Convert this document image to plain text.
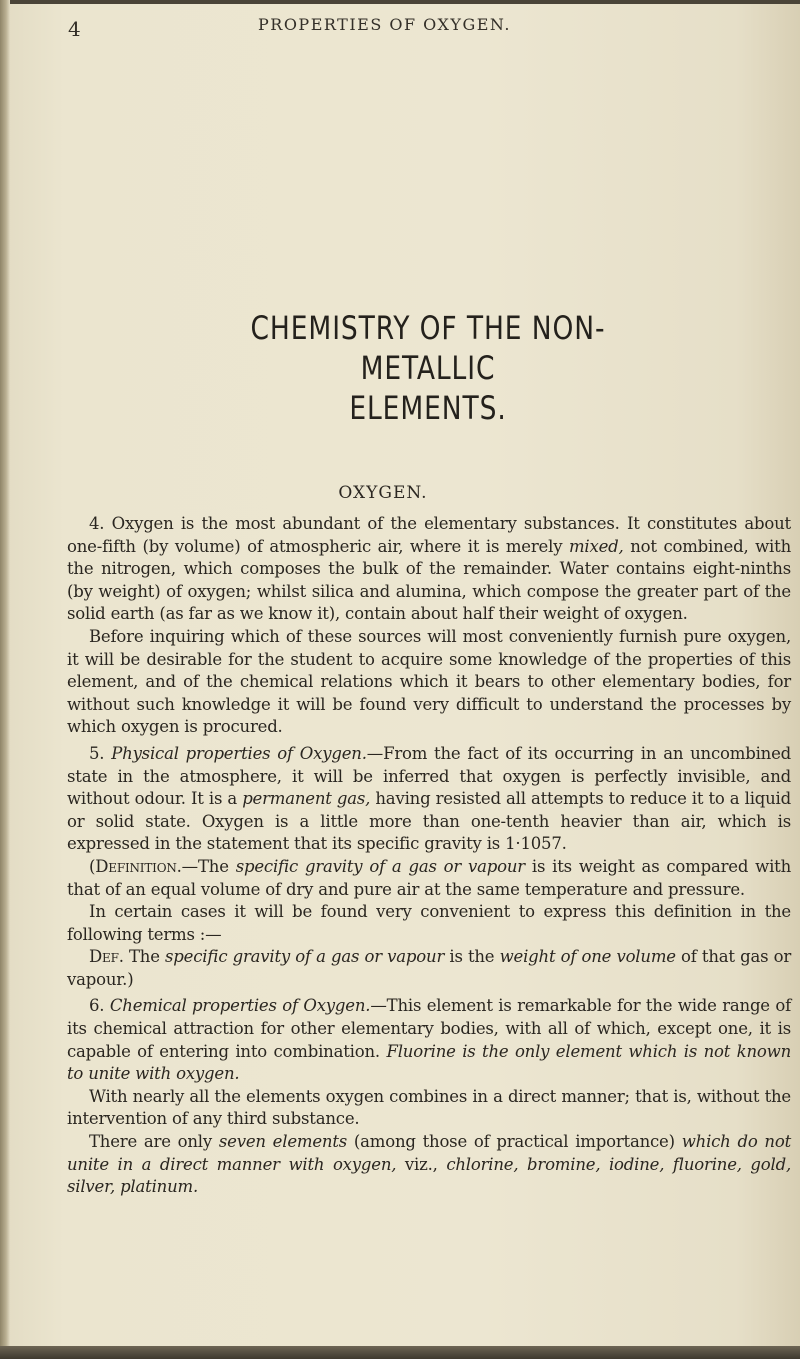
4	PROPERTIES OF OXYGEN.
CHEMISTRY OF THE NON-METALLIC
ELEMENTS.
OXYGEN.

4. Oxygen is the most abundant of the elementary substances. It constitutes about one-fifth (by volume) of atmospheric air, where it is merely mixed, not combined, with the nitrogen, which composes the bulk of the remainder. Water contains eight-ninths (by weight) of oxygen; whilst silica and alumina, which compose the greater part of the solid earth (as far as we know it), contain about half their weight of oxygen.

Before inquiring which of these sources will most conveniently furnish pure oxygen, it will be desirable for the student to acquire some knowledge of the properties of this element, and of the chemical relations which it bears to other elementary bodies, for without such knowledge it will be found very difficult to understand the processes by which oxygen is procured.

5. Physical properties of Oxygen.—From the fact of its occurring in an uncombined state in the atmosphere, it will be inferred that oxygen is perfectly invisible, and without odour. It is a permanent gas, having resisted all attempts to reduce it to a liquid or solid state. Oxygen is a little more than one-tenth heavier than air, which is expressed in the statement that its specific gravity is 1·1057.

(Definition.—The specific gravity of a gas or vapour is its weight as compared with that of an equal volume of dry and pure air at the same temperature and pressure.

In certain cases it will be found very convenient to express this definition in the following terms :—

Def. The specific gravity of a gas or vapour is the weight of one volume of that gas or vapour.)

6. Chemical properties of Oxygen.—This element is remarkable for the wide range of its chemical attraction for other elementary bodies, with all of which, except one, it is capable of entering into combination. Fluorine is the only element which is not known to unite with oxygen.

With nearly all the elements oxygen combines in a direct manner; that is, without the intervention of any third substance.

There are only seven elements (among those of practical importance) which do not unite in a direct manner with oxygen, viz., chlorine, bromine, iodine, fluorine, gold, silver, platinum.
